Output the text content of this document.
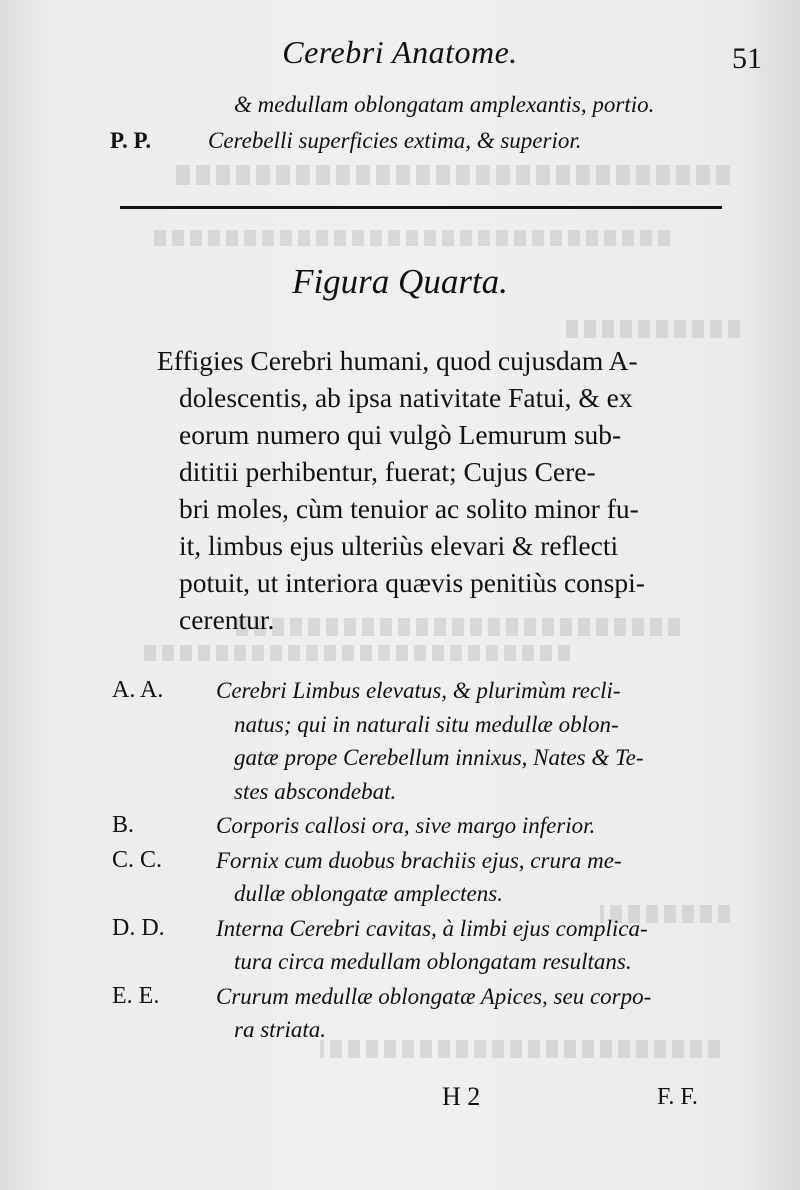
Cerebri Anatome.	51
& medullam oblongatam amplexantis, portio.
P. P. Cerebelli superficies extima, & superior.
Figura Quarta.
Effigies Cerebri humani, quod cujusdam A-
dolescentis, ab ipsa nativitate Fatui, & ex
eorum numero qui vulgò Lemurum sub-
dititii perhibentur, fuerat; Cujus Cere-
bri moles, cùm tenuior ac solito minor fu-
it, limbus ejus ulteriùs elevari & reflecti
potuit, ut interiora quævis penitiùs conspi-
cerentur.
A. A.	Cerebri Limbus elevatus, & plurimùm recli-
natus; qui in naturali situ medullæ oblon-
gatæ prope Cerebellum innixus, Nates & Te-
stes abscondebat.
B.	Corporis callosi ora, sive margo inferior.
C. C.	Fornix cum duobus brachiis ejus, crura me-
dullæ oblongatæ amplectens.
D. D.	Interna Cerebri cavitas, à limbi ejus complica-
tura circa medullam oblongatam resultans.
E. E.	Crurum medullæ oblongatæ Apices, seu corpo-
ra striata.
H 2	F. F.
